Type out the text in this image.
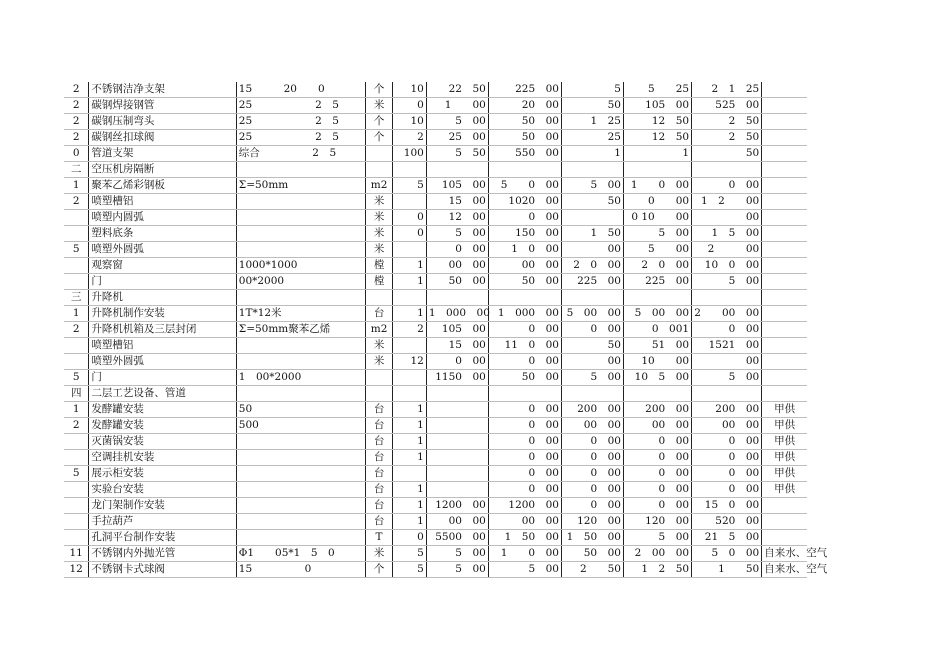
2	不锈钢洁净支架	15　　　20　　0	个	10	22　50	225　00	5	5　　25	2　1　25	
2	碳钢焊接钢管	25　　　　　　2　5	米	0	1　　00	20　00	50	105　00	525　00	
2	碳钢压制弯头	25　　　　　　2　5	个	10	5　00	50　00	1　25	12　50	2　50	
2	碳钢丝扣球阀	25　　　　　　2　5	个	2	25　00	50　00	25	12　50	2　50	
0	管道支架	综合　　　　　2　5		100	5　50	550　00	1	1	50	
二	空压机房隔断									
1	聚苯乙烯彩钢板	Σ=50mm	m2	5	105　00	5　　0　00	5　00	1　　0　00	0　00	
2	喷塑槽铝		米		15　00	1020　00	50	0　　00	1　2　　00	
	喷塑内圆弧		米	0	12　00	0　00		0 10　　00	00	
	塑料底条		米	0	5　00	150　00	1　50	5　00	1　5　00	
5	喷塑外圆弧		米		0　00	1　0　00	00	5　　00	2　　　00	
	观察窗	1000*1000	樘	1	00　00	00　00	2　0　00	2　0　00	10　0　00	
	门	00*2000	樘	1	50　00	50　00	225　00	225　00	5　00	
三	升降机									
1	升降机制作安装	1T*12米	台	1	1　000　00	1　000　00	5　00　00	5　00　00	2　　00　00	
2	升降机机箱及三层封闭	Σ=50mm聚苯乙烯	m2	2	105　00	0　00	0　00	0　001	0　00	
	喷塑槽铝		米		15　00	11　0　00	50	51　00	1521　00	
	喷塑外圆弧		米	12	0　00	0　00	00	10　　00	00	
5	门	1　00*2000			1150　00	50　00	5　00	10　5　00	5　00	
四	二层工艺设备、管道									
1	发酵罐安装	50	台	1		0　00	200　00	200　00	200　00	甲供
2	发酵罐安装	500	台	1		0　00	00　00	00　00	00　00	甲供
	灭菌锅安装		台	1		0　00	0　00	0　00	0　00	甲供
	空调挂机安装		台	1		0　00	0　00	0　00	0　00	甲供
5	展示柜安装		台			0　00	0　00	0　00	0　00	甲供
	实验台安装		台	1		0　00	0　00	0　00	0　00	甲供
	龙门架制作安装		台	1	1200　00	1200　00	0　00	0　00	15　0　00	
	手拉葫芦		台	1	00　00	00　00	120　00	120　00	520　00	
	孔洞平台制作安装		T	0	5500　00	1　50　00	1　50　00	5　00	21　5　00	
11	不锈钢内外抛光管	Φ1　　05*1　5　0	米	5	5　00	1　　0　00	50　00	2　00　00	5　0　00	自来水、空气
12	不锈钢卡式球阀	15　　　　　0	个	5	5　00	5　00	2　　50	1　2　50	1　　50	自来水、空气
